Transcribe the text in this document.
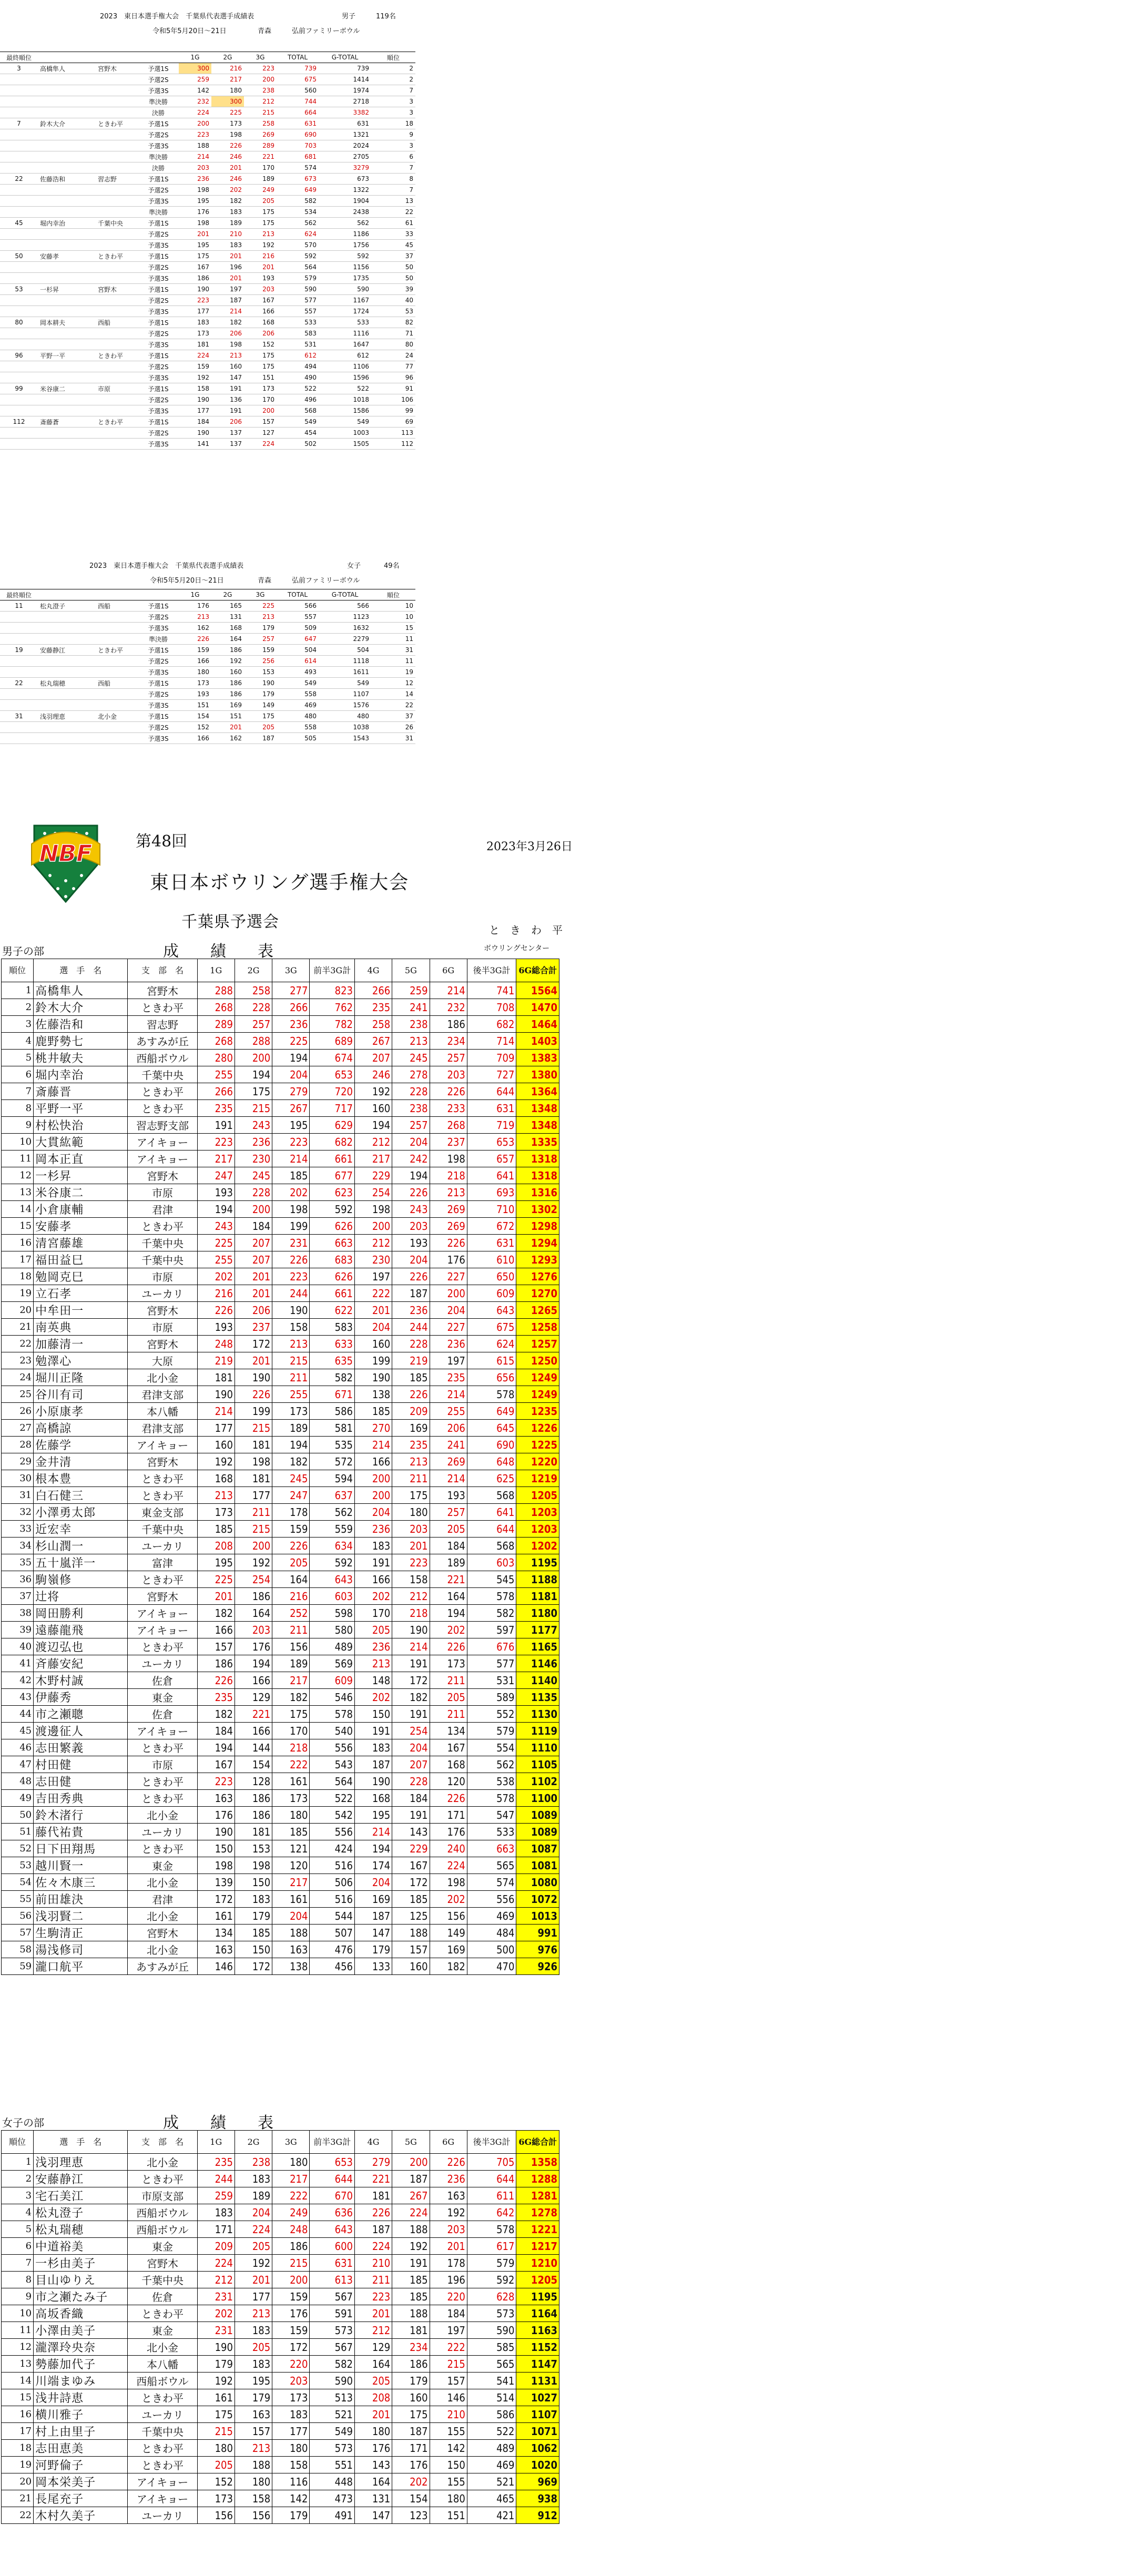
2023　東日本選手権大会　千葉県代表選手成績表	男子	119名
令和5年5月20日～21日	青森	弘前ファミリーボウル
最終順位				1G	2G	3G	TOTAL	G-TOTAL	順位
3	高橋隼人	宮野木	予選1S	300	216	223	739	739	2
			予選2S	259	217	200	675	1414	2
			予選3S	142	180	238	560	1974	7
			準決勝	232	300	212	744	2718	3
			決勝	224	225	215	664	3382	3
7	鈴木大介	ときわ平	予選1S	200	173	258	631	631	18
			予選2S	223	198	269	690	1321	9
			予選3S	188	226	289	703	2024	3
			準決勝	214	246	221	681	2705	6
			決勝	203	201	170	574	3279	7
22	佐藤浩和	習志野	予選1S	236	246	189	673	673	8
			予選2S	198	202	249	649	1322	7
			予選3S	195	182	205	582	1904	13
			準決勝	176	183	175	534	2438	22
45	堀内幸治	千葉中央	予選1S	198	189	175	562	562	61
			予選2S	201	210	213	624	1186	33
			予選3S	195	183	192	570	1756	45
50	安藤孝	ときわ平	予選1S	175	201	216	592	592	37
			予選2S	167	196	201	564	1156	50
			予選3S	186	201	193	579	1735	50
53	一杉昇	宮野木	予選1S	190	197	203	590	590	39
			予選2S	223	187	167	577	1167	40
			予選3S	177	214	166	557	1724	53
80	岡本耕夫	西船	予選1S	183	182	168	533	533	82
			予選2S	173	206	206	583	1116	71
			予選3S	181	198	152	531	1647	80
96	平野一平	ときわ平	予選1S	224	213	175	612	612	24
			予選2S	159	160	175	494	1106	77
			予選3S	192	147	151	490	1596	96
99	米谷康二	市原	予選1S	158	191	173	522	522	91
			予選2S	190	136	170	496	1018	106
			予選3S	177	191	200	568	1586	99
112	斎藤蒼	ときわ平	予選1S	184	206	157	549	549	69
			予選2S	190	137	127	454	1003	113
			予選3S	141	137	224	502	1505	112
2023　東日本選手権大会　千葉県代表選手成績表	女子	49名
令和5年5月20日～21日	青森	弘前ファミリーボウル
最終順位				1G	2G	3G	TOTAL	G-TOTAL	順位
11	松丸澄子	西船	予選1S	176	165	225	566	566	10
			予選2S	213	131	213	557	1123	10
			予選3S	162	168	179	509	1632	15
			準決勝	226	164	257	647	2279	11
19	安藤静江	ときわ平	予選1S	159	186	159	504	504	31
			予選2S	166	192	256	614	1118	11
			予選3S	180	160	153	493	1611	19
22	松丸瑞穂	西船	予選1S	173	186	190	549	549	12
			予選2S	193	186	179	558	1107	14
			予選3S	151	169	149	469	1576	22
31	浅羽理恵	北小金	予選1S	154	151	175	480	480	37
			予選2S	152	201	205	558	1038	26
			予選3S	166	162	187	505	1543	31
NBF	第48回	2023年3月26日
東日本ボウリング選手権大会
千葉県予選会	と　き　わ　平
ボウリングセンター
男子の部	成　　績　　表
順位	選　手　名	支　部　名	1G	2G	3G	前半3G計	4G	5G	6G	後半3G計	6G総合計
1	高橋隼人	宮野木	288	258	277	823	266	259	214	741	1564
2	鈴木大介	ときわ平	268	228	266	762	235	241	232	708	1470
3	佐藤浩和	習志野	289	257	236	782	258	238	186	682	1464
4	鹿野勢七	あすみが丘	268	288	225	689	267	213	234	714	1403
5	桃井敏夫	西船ボウル	280	200	194	674	207	245	257	709	1383
6	堀内幸治	千葉中央	255	194	204	653	246	278	203	727	1380
7	斎藤晋	ときわ平	266	175	279	720	192	228	226	644	1364
8	平野一平	ときわ平	235	215	267	717	160	238	233	631	1348
9	村松快治	習志野支部	191	243	195	629	194	257	268	719	1348
10	大貫紘範	アイキョー	223	236	223	682	212	204	237	653	1335
11	岡本正直	アイキョー	217	230	214	661	217	242	198	657	1318
12	一杉昇	宮野木	247	245	185	677	229	194	218	641	1318
13	米谷康二	市原	193	228	202	623	254	226	213	693	1316
14	小倉康輔	君津	194	200	198	592	198	243	269	710	1302
15	安藤孝	ときわ平	243	184	199	626	200	203	269	672	1298
16	清宮藤雄	千葉中央	225	207	231	663	212	193	226	631	1294
17	福田益巳	千葉中央	255	207	226	683	230	204	176	610	1293
18	勉岡克巳	市原	202	201	223	626	197	226	227	650	1276
19	立石孝	ユーカリ	216	201	244	661	222	187	200	609	1270
20	中牟田一	宮野木	226	206	190	622	201	236	204	643	1265
21	南英典	市原	193	237	158	583	204	244	227	675	1258
22	加藤清一	宮野木	248	172	213	633	160	228	236	624	1257
23	勉澤心	大原	219	201	215	635	199	219	197	615	1250
24	堀川正隆	北小金	181	190	211	582	190	185	235	656	1249
25	谷川有司	君津支部	190	226	255	671	138	226	214	578	1249
26	小原康孝	本八幡	214	199	173	586	185	209	255	649	1235
27	高橋諒	君津支部	177	215	189	581	270	169	206	645	1226
28	佐藤学	アイキョー	160	181	194	535	214	235	241	690	1225
29	金井清	宮野木	192	198	182	572	166	213	269	648	1220
30	根本豊	ときわ平	168	181	245	594	200	211	214	625	1219
31	白石健三	ときわ平	213	177	247	637	200	175	193	568	1205
32	小澤勇太郎	東金支部	173	211	178	562	204	180	257	641	1203
33	近宏幸	千葉中央	185	215	159	559	236	203	205	644	1203
34	杉山潤一	ユーカリ	208	200	226	634	183	201	184	568	1202
35	五十嵐洋一	富津	195	192	205	592	191	223	189	603	1195
36	駒嶺修	ときわ平	225	254	164	643	166	158	221	545	1188
37	辻将	宮野木	201	186	216	603	202	212	164	578	1181
38	岡田勝利	アイキョー	182	164	252	598	170	218	194	582	1180
39	遠藤龍飛	アイキョー	166	203	211	580	205	190	202	597	1177
40	渡辺弘也	ときわ平	157	176	156	489	236	214	226	676	1165
41	斉藤安紀	ユーカリ	186	194	189	569	213	191	173	577	1146
42	木野村誠	佐倉	226	166	217	609	148	172	211	531	1140
43	伊藤秀	東金	235	129	182	546	202	182	205	589	1135
44	市之瀬聰	佐倉	182	221	175	578	150	191	211	552	1130
45	渡邊征人	アイキョー	184	166	170	540	191	254	134	579	1119
46	志田繁義	ときわ平	194	144	218	556	183	204	167	554	1110
47	村田健	市原	167	154	222	543	187	207	168	562	1105
48	志田健	ときわ平	223	128	161	564	190	228	120	538	1102
49	吉田秀典	ときわ平	163	186	173	522	168	184	226	578	1100
50	鈴木渚行	北小金	176	186	180	542	195	191	171	547	1089
51	藤代祐貴	ユーカリ	190	181	185	556	214	143	176	533	1089
52	日下田翔馬	ときわ平	150	153	121	424	194	229	240	663	1087
53	越川賢一	東金	198	198	120	516	174	167	224	565	1081
54	佐々木康三	北小金	139	150	217	506	204	172	198	574	1080
55	前田雄決	君津	172	183	161	516	169	185	202	556	1072
56	浅羽賢二	北小金	161	179	204	544	187	125	156	469	1013
57	生駒清正	宮野木	134	185	188	507	147	188	149	484	991
58	湯浅修司	北小金	163	150	163	476	179	157	169	500	976
59	瀧口航平	あすみが丘	146	172	138	456	133	160	182	470	926
女子の部	成　　績　　表
順位	選　手　名	支　部　名	1G	2G	3G	前半3G計	4G	5G	6G	後半3G計	6G総合計
1	浅羽理恵	北小金	235	238	180	653	279	200	226	705	1358
2	安藤静江	ときわ平	244	183	217	644	221	187	236	644	1288
3	宅石美江	市原支部	259	189	222	670	181	267	163	611	1281
4	松丸澄子	西船ボウル	183	204	249	636	226	224	192	642	1278
5	松丸瑞穂	西船ボウル	171	224	248	643	187	188	203	578	1221
6	中道裕美	東金	209	205	186	600	224	192	201	617	1217
7	一杉由美子	宮野木	224	192	215	631	210	191	178	579	1210
8	目山ゆりえ	千葉中央	212	201	200	613	211	185	196	592	1205
9	市之瀬たみ子	佐倉	231	177	159	567	223	185	220	628	1195
10	高坂香織	ときわ平	202	213	176	591	201	188	184	573	1164
11	小澤由美子	東金	231	183	159	573	212	181	197	590	1163
12	瀧澤玲央奈	北小金	190	205	172	567	129	234	222	585	1152
13	勢藤加代子	本八幡	179	183	220	582	164	186	215	565	1147
14	川端まゆみ	西船ボウル	192	195	203	590	205	179	157	541	1131
15	浅井詩恵	ときわ平	161	179	173	513	208	160	146	514	1027
16	横川雅子	ユーカリ	175	163	183	521	201	175	210	586	1107
17	村上由里子	千葉中央	215	157	177	549	180	187	155	522	1071
18	志田恵美	ときわ平	180	213	180	573	176	171	142	489	1062
19	河野倫子	ときわ平	205	188	158	551	143	176	150	469	1020
20	岡本栄美子	アイキョー	152	180	116	448	164	202	155	521	969
21	長尾充子	アイキョー	173	158	142	473	131	154	180	465	938
22	木村久美子	ユーカリ	156	156	179	491	147	123	151	421	912
